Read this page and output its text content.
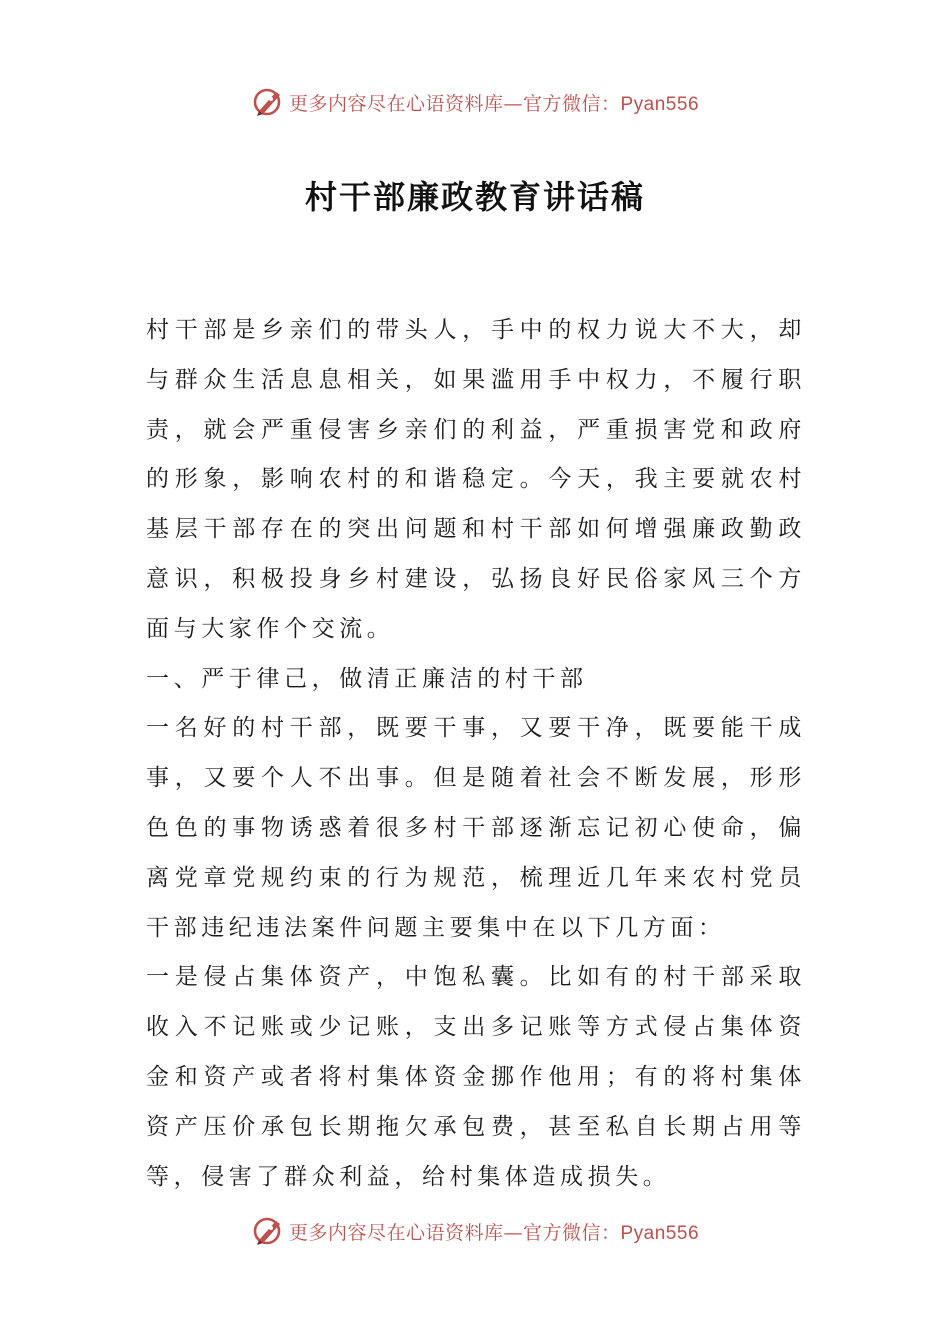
更多内容尽在心语资料库—官方微信：Pyan556
村干部廉政教育讲话稿

村干部是乡亲们的带头人，手中的权力说大不大，却与群众生活息息相关，如果滥用手中权力，不履行职责，就会严重侵害乡亲们的利益，严重损害党和政府的形象，影响农村的和谐稳定。今天，我主要就农村基层干部存在的突出问题和村干部如何增强廉政勤政意识，积极投身乡村建设，弘扬良好民俗家风三个方面与大家作个交流。

一、严于律己，做清正廉洁的村干部

一名好的村干部，既要干事，又要干净，既要能干成事，又要个人不出事。但是随着社会不断发展，形形色色的事物诱惑着很多村干部逐渐忘记初心使命，偏离党章党规约束的行为规范，梳理近几年来农村党员干部违纪违法案件问题主要集中在以下几方面：

一是侵占集体资产，中饱私囊。比如有的村干部采取收入不记账或少记账，支出多记账等方式侵占集体资金和资产或者将村集体资金挪作他用；有的将村集体资产压价承包长期拖欠承包费，甚至私自长期占用等等，侵害了群众利益，给村集体造成损失。

更多内容尽在心语资料库—官方微信：Pyan556
